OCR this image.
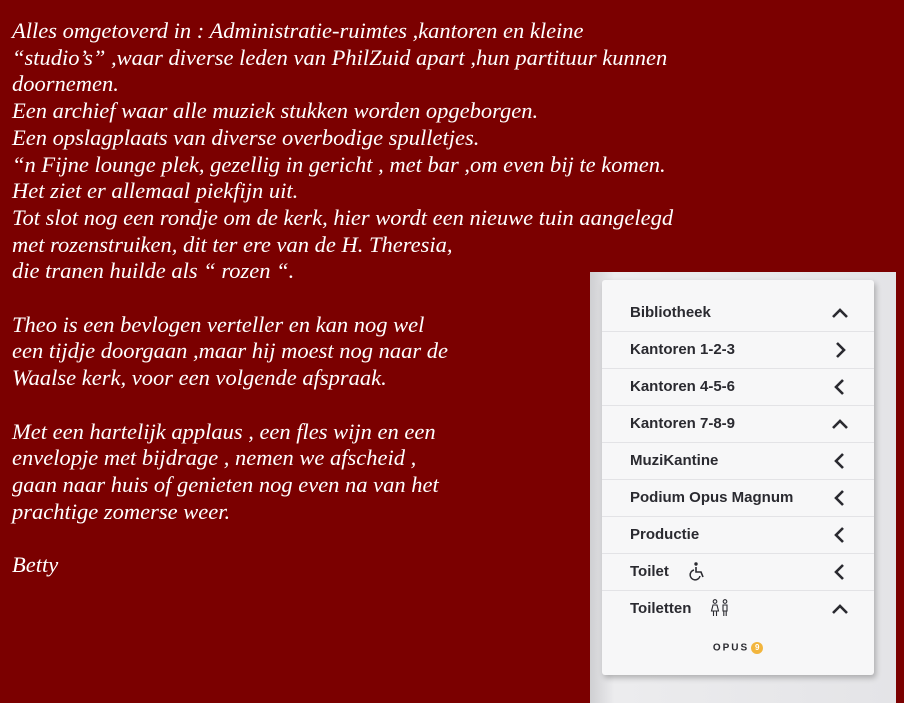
Alles omgetoverd in : Administratie-ruimtes ,kantoren en kleine
“studio’s” ,waar diverse leden van PhilZuid apart ,hun partituur kunnen
doornemen.
Een archief waar alle muziek stukken worden opgeborgen.
Een opslagplaats van diverse overbodige spulletjes.
“n Fijne lounge plek, gezellig in gericht , met bar ,om even bij te komen.
Het ziet er allemaal piekfijn uit.
Tot slot nog een rondje om de kerk, hier wordt een nieuwe tuin aangelegd
met rozenstruiken, dit ter ere van de H. Theresia,
die tranen huilde als “ rozen “.
Theo is een bevlogen verteller en kan nog wel
een tijdje doorgaan ,maar hij moest nog naar de
Waalse kerk, voor een volgende afspraak.
Met een hartelijk applaus , een fles wijn en een
envelopje met bijdrage , nemen we afscheid ,
gaan naar huis of genieten nog even na van het
prachtige zomerse weer.
Betty
Bibliotheek
Kantoren 1-2-3
Kantoren 4-5-6
Kantoren 7-8-9
MuziKantine
Podium Opus Magnum
Productie
Toilet
Toiletten
OPUS 9
